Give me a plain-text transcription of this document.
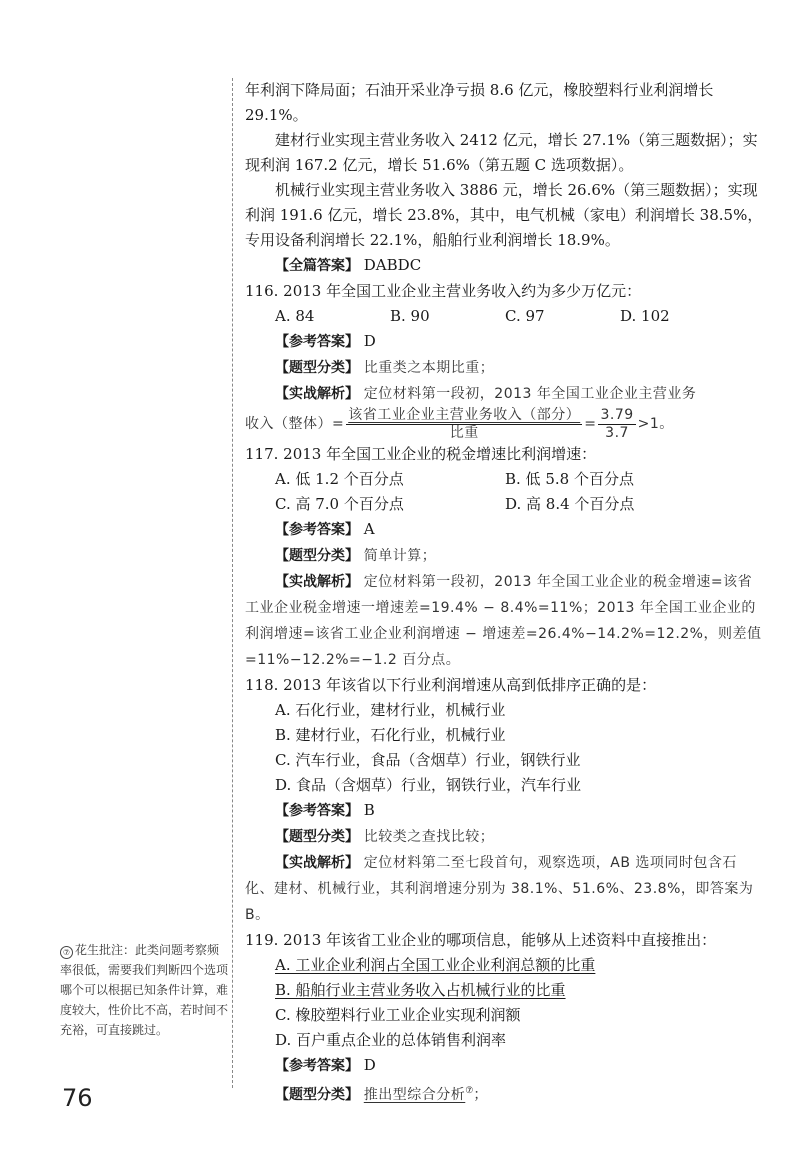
年利润下降局面；石油开采业净亏损 8.6 亿元，橡胶塑料行业利润增长 29.1%。

建材行业实现主营业务收入 2412 亿元，增长 27.1%（第三题数据）；实现利润 167.2 亿元，增长 51.6%（第五题 C 选项数据）。

机械行业实现主营业务收入 3886 元，增长 26.6%（第三题数据）；实现利润 191.6 亿元，增长 23.8%，其中，电气机械（家电）利润增长 38.5%，专用设备利润增长 22.1%，船舶行业利润增长 18.9%。

【全篇答案】 DABDC

116. 2013 年全国工业企业主营业务收入约为多少万亿元：

A. 84	B. 90	C. 97	D. 102

【参考答案】 D

【题型分类】 比重类之本期比重；

【实战解析】 定位材料第一段初，2013 年全国工业企业主营业务

收入（整体）= $\frac{\text{该省工业企业主营业务收入（部分）}}{\text{比重}} = \frac{3.79}{3.7} >1$。

117. 2013 年全国工业企业的税金增速比利润增速：

A. 低 1.2 个百分点	B. 低 5.8 个百分点
C. 高 7.0 个百分点	D. 高 8.4 个百分点

【参考答案】 A

【题型分类】 简单计算；

【实战解析】 定位材料第一段初，2013 年全国工业企业的税金增速=该省工业企业税金增速一增速差=19.4% − 8.4%=11%；2013 年全国工业企业的利润增速=该省工业企业利润增速 − 增速差=26.4%−14.2%=12.2%，则差值=11%−12.2%=−1.2 百分点。

118. 2013 年该省以下行业利润增速从高到低排序正确的是：

A. 石化行业，建材行业，机械行业

B. 建材行业，石化行业，机械行业

C. 汽车行业，食品（含烟草）行业，钢铁行业

D. 食品（含烟草）行业，钢铁行业，汽车行业

【参考答案】 B

【题型分类】 比较类之查找比较；

【实战解析】 定位材料第二至七段首句，观察选项，AB 选项同时包含石化、建材、机械行业，其利润增速分别为 38.1%、51.6%、23.8%，即答案为 B。

119. 2013 年该省工业企业的哪项信息，能够从上述资料中直接推出：

A. 工业企业利润占全国工业企业利润总额的比重

B. 船舶行业主营业务收入占机械行业的比重

C. 橡胶塑料行业工业企业实现利润额

D. 百户重点企业的总体销售利润率

【参考答案】 D

【题型分类】 推出型综合分析⑦；

⑦ 花生批注：此类问题考察频率很低，需要我们判断四个选项哪个可以根据已知条件计算，难度较大，性价比不高，若时间不充裕，可直接跳过。
76
